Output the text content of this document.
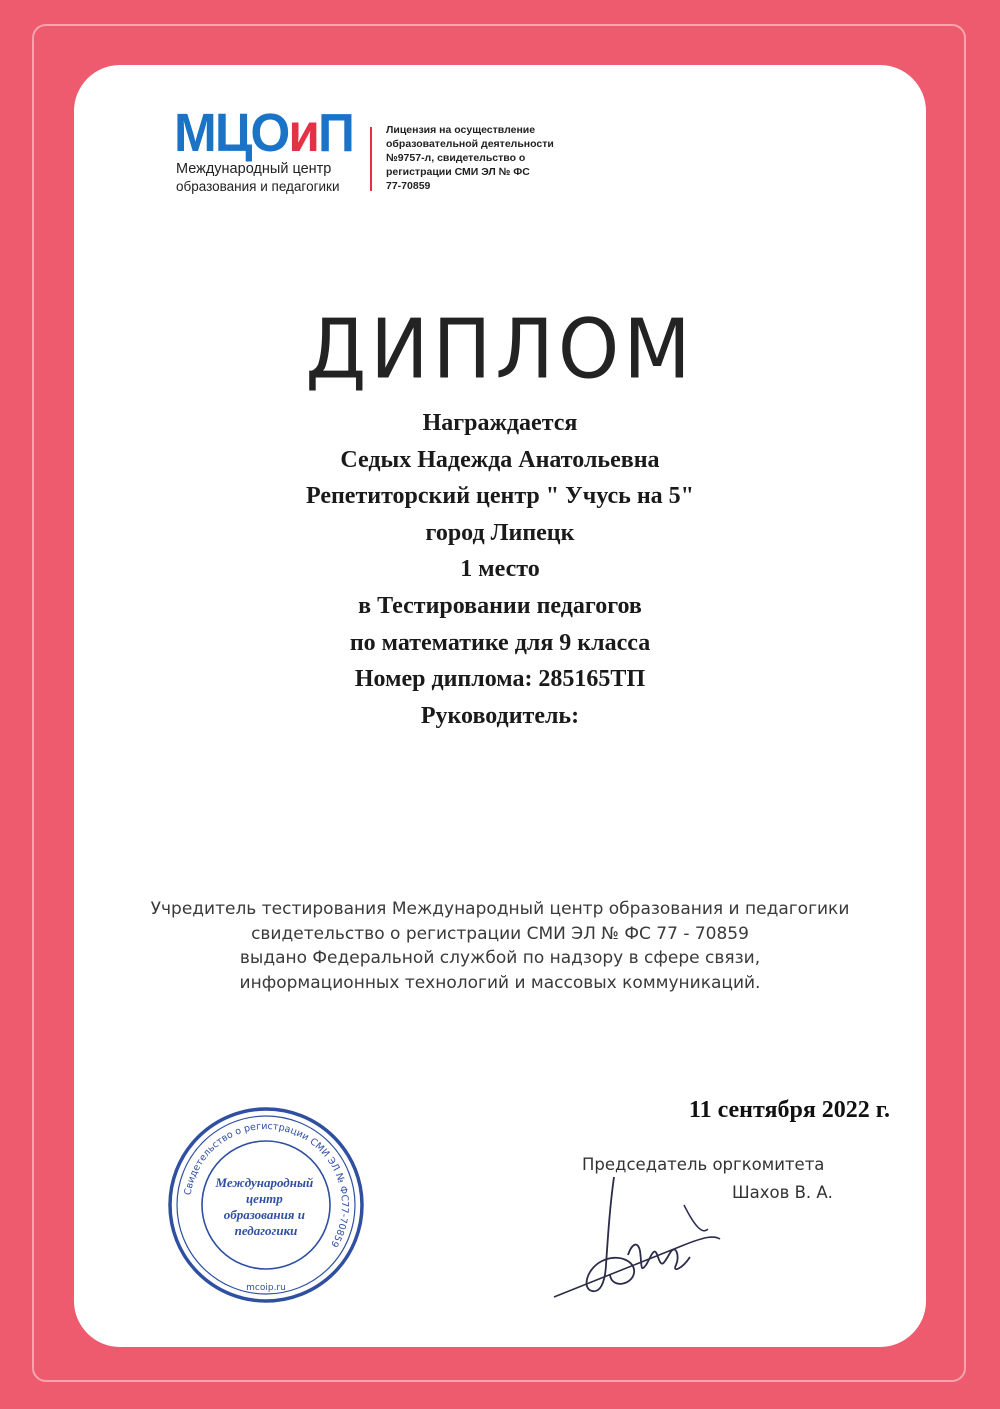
МЦОиП
Международный центр
образования и педагогики
Лицензия на осуществление
образовательной деятельности
№9757-л, свидетельство о
регистрации СМИ ЭЛ № ФС
77-70859
ДИПЛОМ
Награждается
Седых Надежда Анатольевна
Репетиторский центр " Учусь на 5"
город Липецк
1 место
в Тестировании педагогов
по математике для 9 класса
Номер диплома: 285165ТП
Руководитель:
Учредитель тестирования Международный центр образования и педагогики
свидетельство о регистрации СМИ ЭЛ № ФС 77 - 70859
выдано Федеральной службой по надзору в сфере связи,
информационных технологий и массовых коммуникаций.
11 сентября 2022 г.
Свидетельство о регистрации СМИ ЭЛ № ФС77-70859
mcoip.ru
Международный центр образования и педагогики
Председатель оргкомитета
Шахов В. А.
